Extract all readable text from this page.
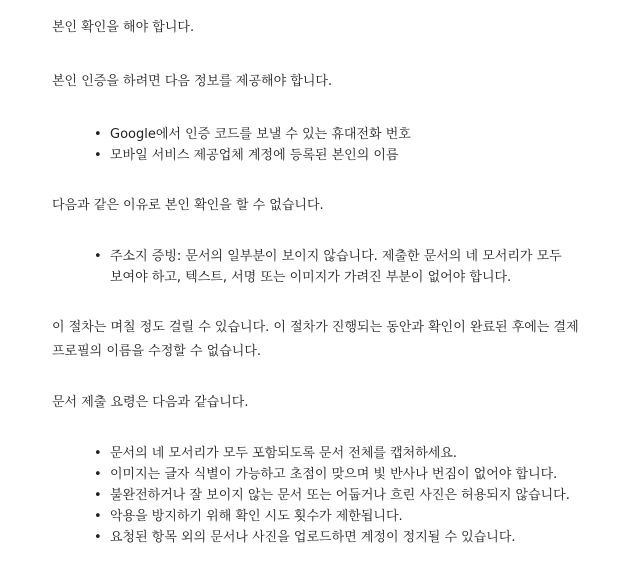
본인 확인을 해야 합니다.

본인 인증을 하려면 다음 정보를 제공해야 합니다.

• Google에서 인증 코드를 보낼 수 있는 휴대전화 번호
• 모바일 서비스 제공업체 계정에 등록된 본인의 이름

다음과 같은 이유로 본인 확인을 할 수 없습니다.

• 주소지 증빙: 문서의 일부분이 보이지 않습니다. 제출한 문서의 네 모서리가 모두 보여야 하고, 텍스트, 서명 또는 이미지가 가려진 부분이 없어야 합니다.

이 절차는 며칠 정도 걸릴 수 있습니다. 이 절차가 진행되는 동안과 확인이 완료된 후에는 결제 프로필의 이름을 수정할 수 없습니다.

문서 제출 요령은 다음과 같습니다.

• 문서의 네 모서리가 모두 포함되도록 문서 전체를 캡처하세요.
• 이미지는 글자 식별이 가능하고 초점이 맞으며 빛 반사나 번짐이 없어야 합니다.
• 불완전하거나 잘 보이지 않는 문서 또는 어둡거나 흐린 사진은 허용되지 않습니다.
• 악용을 방지하기 위해 확인 시도 횟수가 제한됩니다.
• 요청된 항목 외의 문서나 사진을 업로드하면 계정이 정지될 수 있습니다.
